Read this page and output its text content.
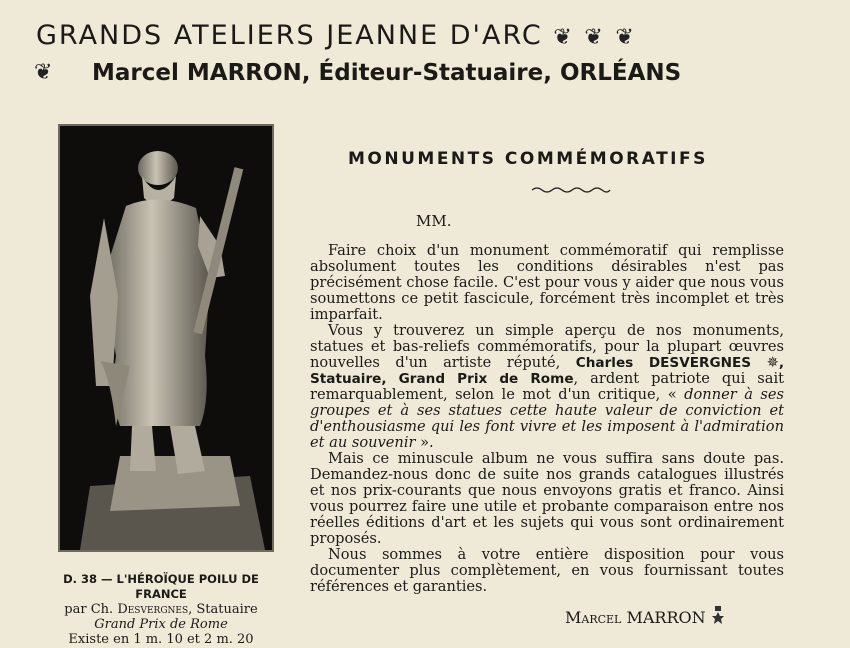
GRANDS ATELIERS JEANNE D'ARC ❦ ❦ ❦
❦ Marcel MARRON, Éditeur-Statuaire, ORLÉANS
MONUMENTS COMMÉMORATIFS
MM.

Faire choix d'un monument commémoratif qui remplisse absolument toutes les conditions désirables n'est pas précisément chose facile. C'est pour vous y aider que nous vous soumettons ce petit fascicule, forcément très incomplet et très imparfait.

Vous y trouverez un simple aperçu de nos monuments, statues et bas-reliefs commémoratifs, pour la plupart œuvres nouvelles d'un artiste réputé, Charles DESVERGNES ✵, Statuaire, Grand Prix de Rome, ardent patriote qui sait remarquablement, selon le mot d'un critique, « donner à ses groupes et à ses statues cette haute valeur de conviction et d'enthousiasme qui les font vivre et les imposent à l'admiration et au souvenir ».

Mais ce minuscule album ne vous suffira sans doute pas. Demandez-nous donc de suite nos grands catalogues illustrés et nos prix-courants que nous envoyons gratis et franco. Ainsi vous pourrez faire une utile et probante comparaison entre nos réelles éditions d'art et les sujets qui vous sont ordinairement proposés.

Nous sommes à votre entière disposition pour vous documenter plus complètement, en vous fournissant toutes références et garanties.

Marcel MARRON
D. 38 — L'HÉROÏQUE POILU DE FRANCE
par Ch. Desvergnes, Statuaire
Grand Prix de Rome
Existe en 1 m. 10 et 2 m. 20
